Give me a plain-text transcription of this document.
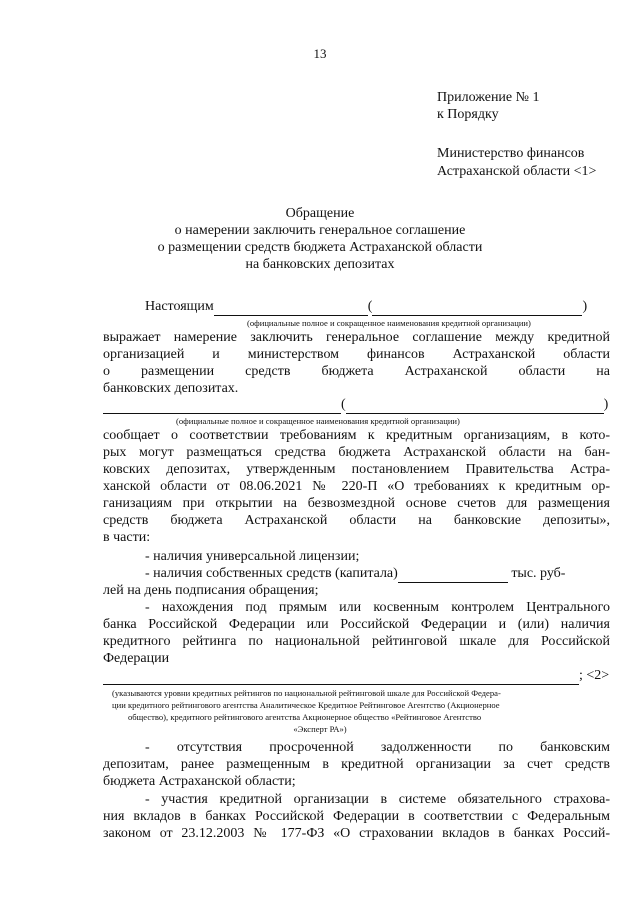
13
Приложение № 1
к Порядку
Министерство финансов
Астраханской области <1>
Обращение
о намерении заключить генеральное соглашение
о размещении средств бюджета Астраханской области
на банковских депозитах
Настоящим	(	)
(официальные полное и сокращенное наименования кредитной организации)
выражает намерение заключить генеральное соглашение между кредитной
организацией и министерством финансов Астраханской области
о размещении средств бюджета Астраханской области на
банковских депозитах.
(	)
(официальные полное и сокращенное наименования кредитной организации)
сообщает о соответствии требованиям к кредитным организациям, в кото-
рых могут размещаться средства бюджета Астраханской области на бан-
ковских депозитах, утвержденным постановлением Правительства Астра-
ханской области от 08.06.2021 № 220-П «О требованиях к кредитным ор-
ганизациям при открытии на безвозмездной основе счетов для размещения
средств бюджета Астраханской области на банковские депозиты»,
в части:
- наличия универсальной лицензии;
- наличия собственных средств (капитала)	тыс. руб-
лей на день подписания обращения;
- нахождения под прямым или косвенным контролем Центрального
банка Российской Федерации или Российской Федерации и (или) наличия
кредитного рейтинга по национальной рейтинговой шкале для Российской
Федерации
; <2>
(указываются уровни кредитных рейтингов по национальной рейтинговой шкале для Российской Федера-
ции кредитного рейтингового агентства Аналитическое Кредитное Рейтинговое Агентство (Акционерное
общество), кредитного рейтингового агентства Акционерное общество «Рейтинговое Агентство
«Эксперт РА»)
- отсутствия просроченной задолженности по банковским
депозитам, ранее размещенным в кредитной организации за счет средств
бюджета Астраханской области;
- участия кредитной организации в системе обязательного страхова-
ния вкладов в банках Российской Федерации в соответствии с Федеральным
законом от 23.12.2003 № 177-ФЗ «О страховании вкладов в банках Россий-
